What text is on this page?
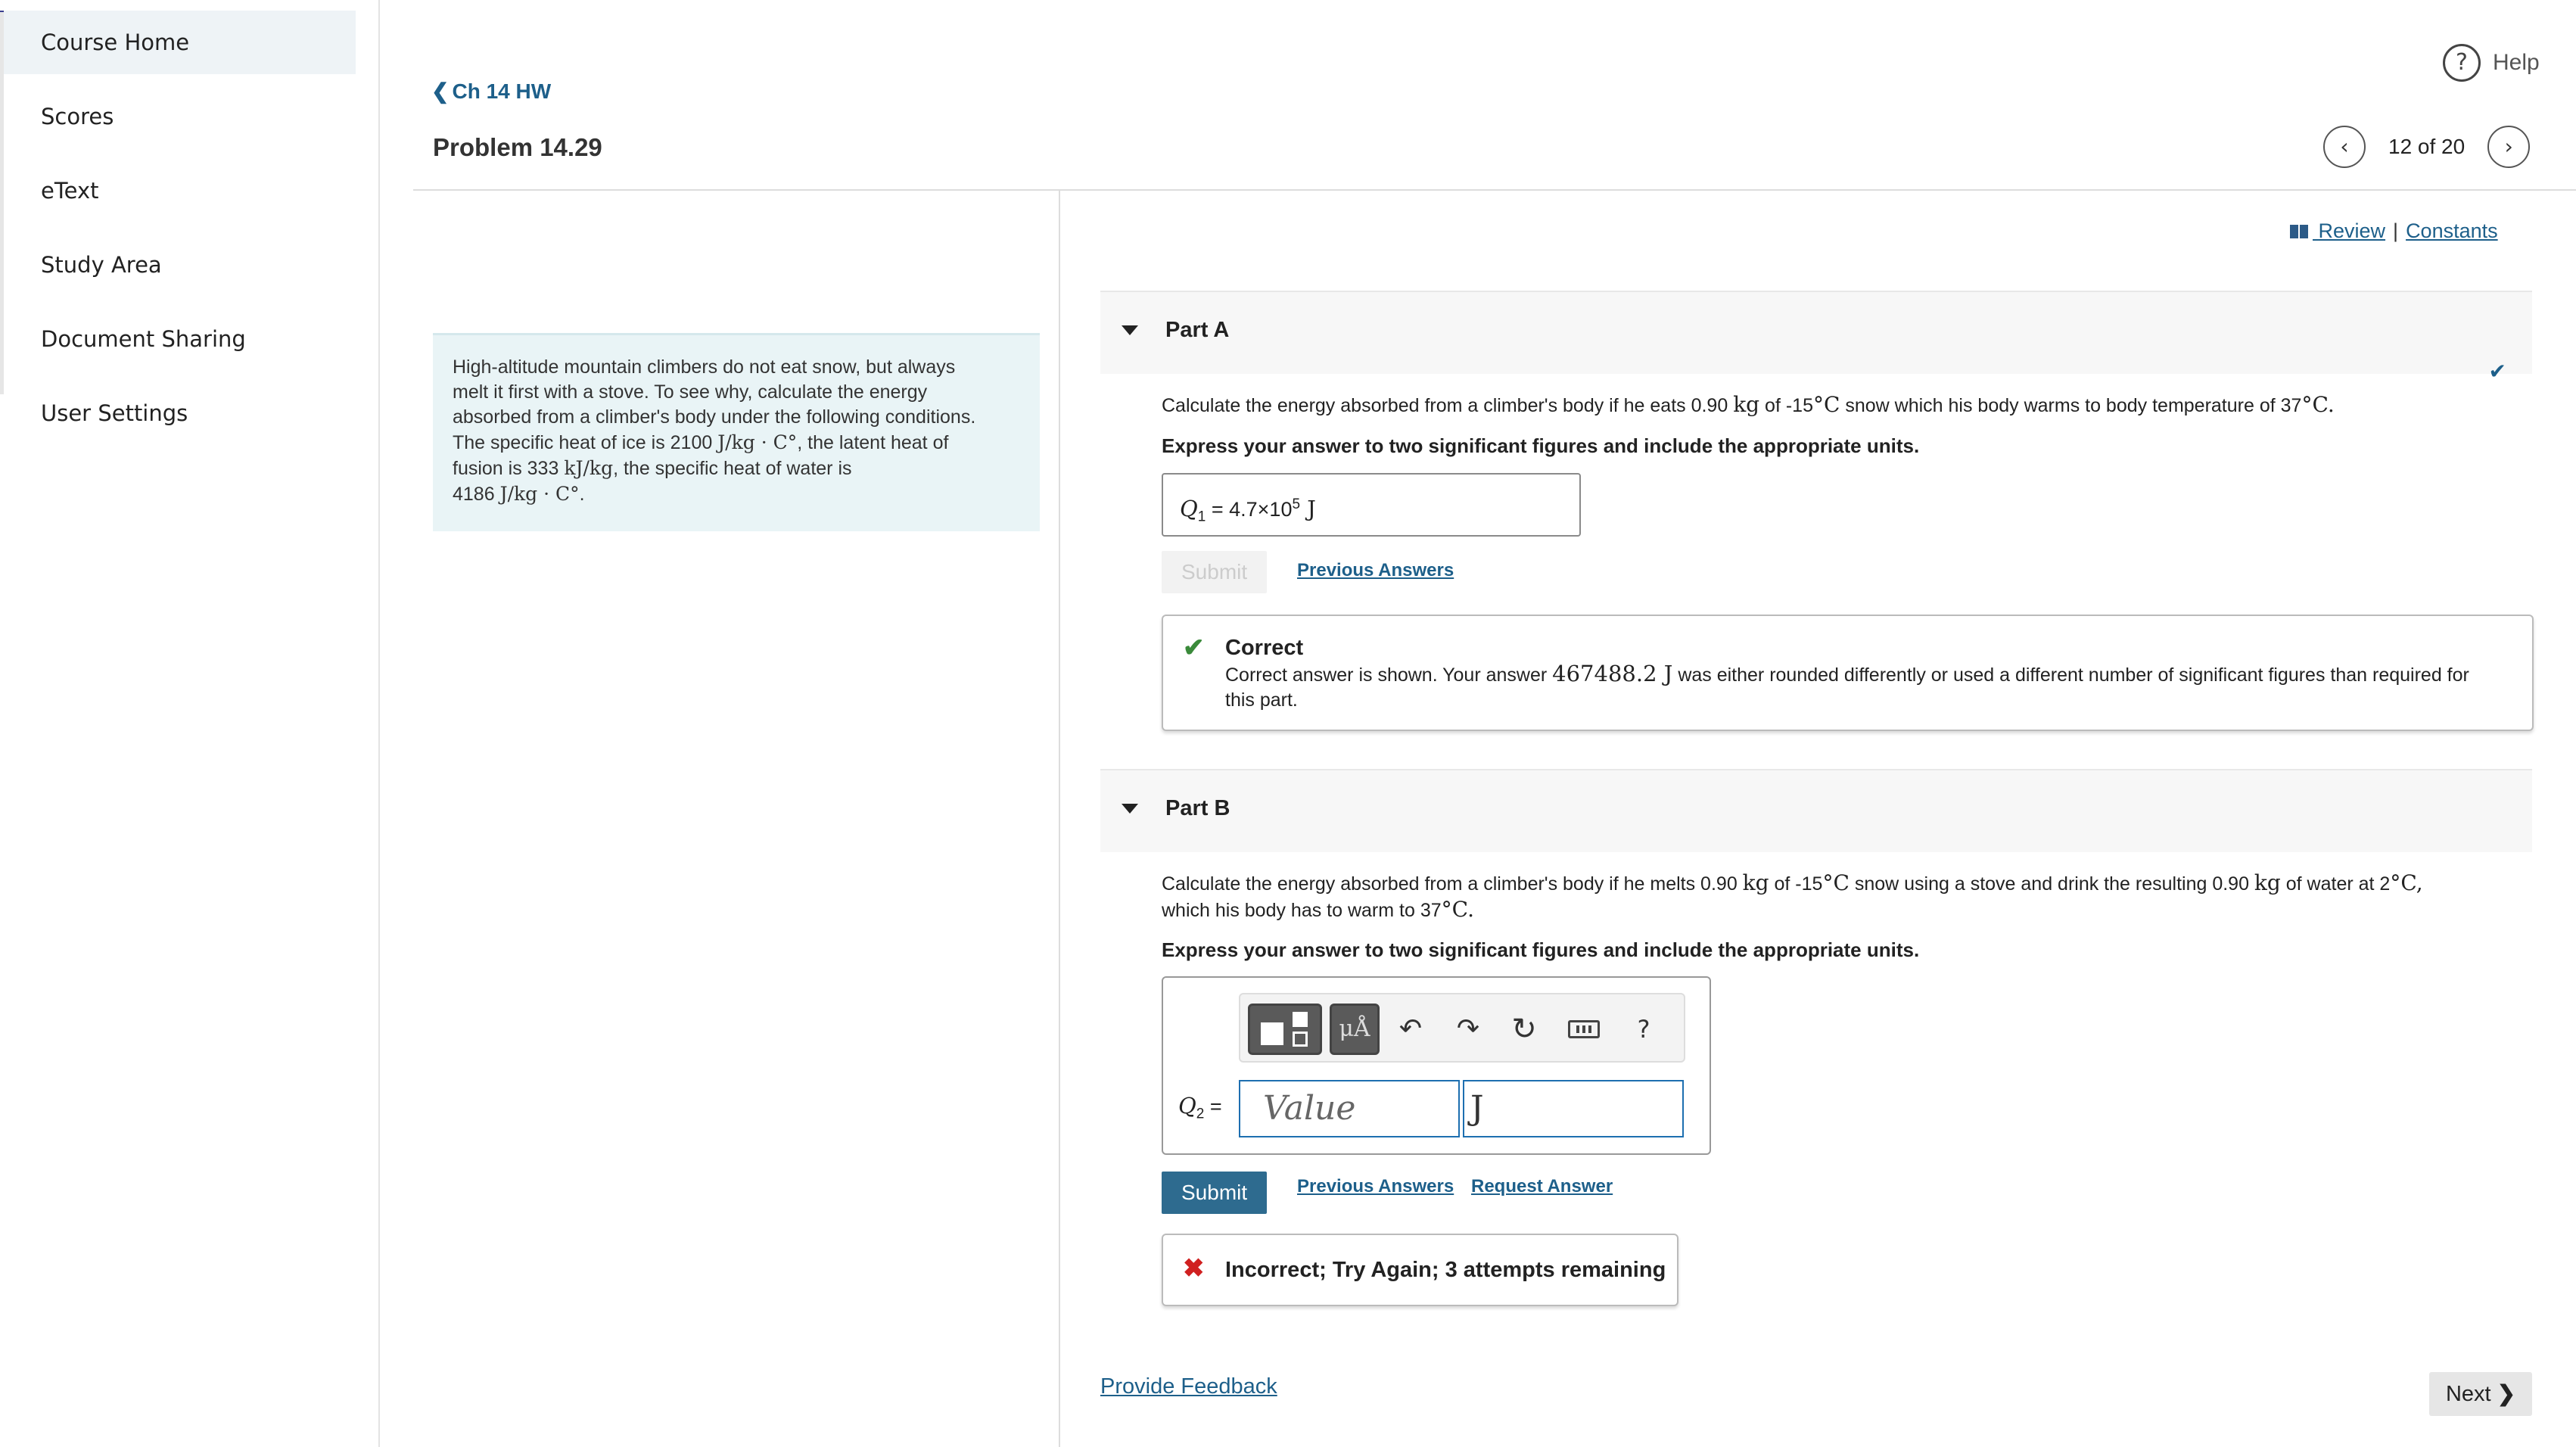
Course Home
Scores
eText
Study Area
Document Sharing
User Settings
❮ Ch 14 HW
Problem 14.29
?	Help
‹	12 of 20	›
High-altitude mountain climbers do not eat snow, but always
melt it first with a stove. To see why, calculate the energy
absorbed from a climber's body under the following conditions.
The specific heat of ice is 2100 J/kg · C°, the latent heat of
fusion is 333 kJ/kg, the specific heat of water is
4186 J/kg · C°.
Review | Constants
Part A
✔
Calculate the energy absorbed from a climber's body if he eats 0.90 kg of -15°C snow which his body warms to body temperature of 37°C.
Express your answer to two significant figures and include the appropriate units.
$Q_1 = 4.7\times 10^5$ J
Submit	Previous Answers
✔ Correct
Correct answer is shown. Your answer 467488.2 J was either rounded differently or used a different number of significant figures than required for
this part.
Part B
Calculate the energy absorbed from a climber's body if he melts 0.90 kg of -15°C snow using a stove and drink the resulting 0.90 kg of water at 2°C,
which his body has to warm to 37°C.
Express your answer to two significant figures and include the appropriate units.
μÅ	↶ ↷ ↻	?
$Q_2$ =	Value	J
Submit	Previous Answers Request Answer
✖ Incorrect; Try Again; 3 attempts remaining
Provide Feedback	Next ❯
